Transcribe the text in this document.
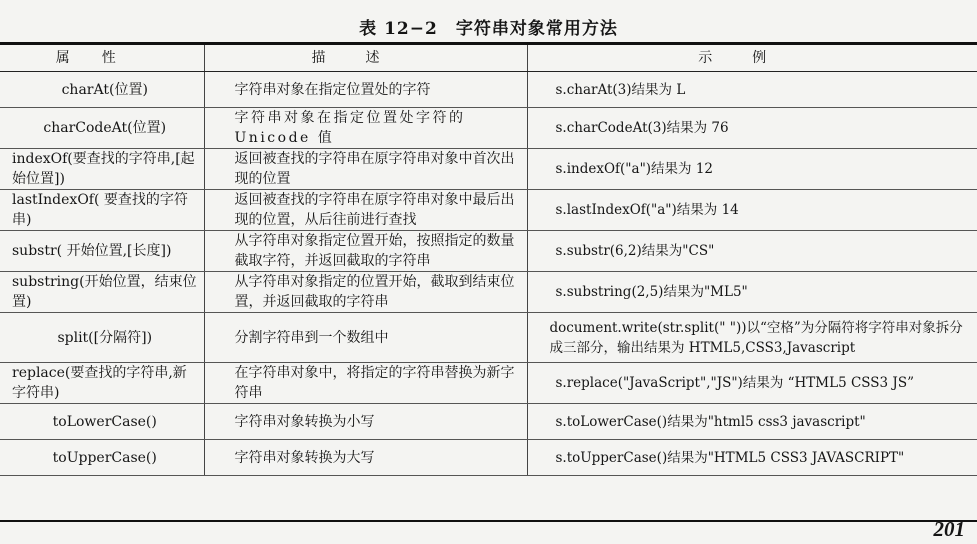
表 12−2 字符串对象常用方法
属性	描述	示例
charAt(位置)	字符串对象在指定位置处的字符	s.charAt(3)结果为 L
charCodeAt(位置)	字符串对象在指定位置处字符的Unicode 值	s.charCodeAt(3)结果为 76
indexOf(要查找的字符串,[起始位置])	返回被查找的字符串在原字符串对象中首次出现的位置	s.indexOf("a")结果为 12
lastIndexOf( 要查找的字符串)	返回被查找的字符串在原字符串对象中最后出现的位置，从后往前进行查找	s.lastIndexOf("a")结果为 14
substr( 开始位置,[长度])	从字符串对象指定位置开始，按照指定的数量截取字符，并返回截取的字符串	s.substr(6,2)结果为"CS"
substring(开始位置，结束位置)	从字符串对象指定的位置开始，截取到结束位置，并返回截取的字符串	s.substring(2,5)结果为"ML5"
split([分隔符])	分割字符串到一个数组中	document.write(str.split(" "))以“空格”为分隔符将字符串对象拆分成三部分，输出结果为 HTML5,CSS3,Javascript
replace(要查找的字符串,新字符串)	在字符串对象中，将指定的字符串替换为新字符串	s.replace("JavaScript","JS")结果为 “HTML5 CSS3 JS”
toLowerCase()	字符串对象转换为小写	s.toLowerCase()结果为"html5 css3 javascript"
toUpperCase()	字符串对象转换为大写	s.toUpperCase()结果为"HTML5 CSS3 JAVASCRIPT"
201
